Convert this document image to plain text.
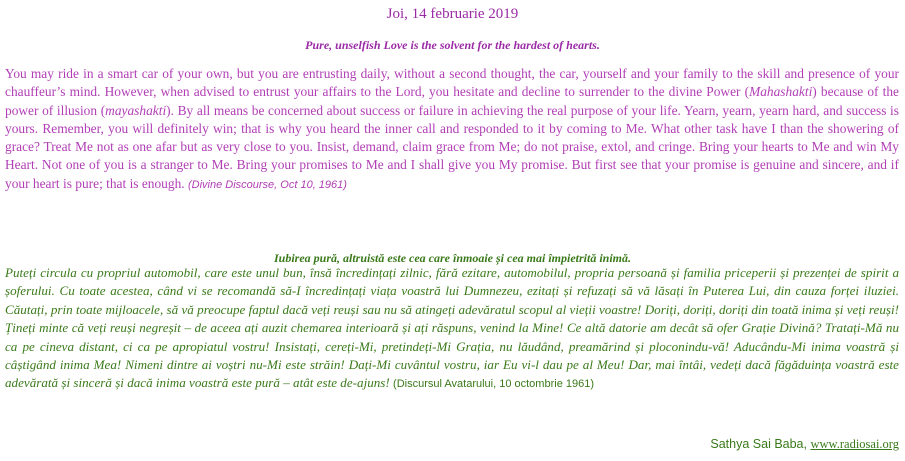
Joi, 14 februarie 2019
Pure, unselfish Love is the solvent for the hardest of hearts.
You may ride in a smart car of your own, but you are entrusting daily, without a second thought, the car, yourself and your family to the skill and presence of your chauffeur’s mind. However, when advised to entrust your affairs to the Lord, you hesitate and decline to surrender to the divine Power (Mahashakti) because of the power of illusion (mayashakti). By all means be concerned about success or failure in achieving the real purpose of your life. Yearn, yearn, yearn hard, and success is yours. Remember, you will definitely win; that is why you heard the inner call and responded to it by coming to Me. What other task have I than the showering of grace? Treat Me not as one afar but as very close to you. Insist, demand, claim grace from Me; do not praise, extol, and cringe. Bring your hearts to Me and win My Heart. Not one of you is a stranger to Me. Bring your promises to Me and I shall give you My promise. But first see that your promise is genuine and sincere, and if your heart is pure; that is enough. (Divine Discourse, Oct 10, 1961)
Iubirea pură, altruistă este cea care înmoaie și cea mai împietrită inimă.
Puteți circula cu propriul automobil, care este unul bun, însă încredințați zilnic, fără ezitare, automobilul, propria persoană și familia priceperii și prezenței de spirit a șoferului. Cu toate acestea, când vi se recomandă să-I încredințați viața voastră lui Dumnezeu, ezitați și refuzați să vă lăsați în Puterea Lui, din cauza forței iluziei. Căutați, prin toate mijloacele, să vă preocupe faptul dacă veți reuși sau nu să atingeți adevăratul scopul al vieții voastre! Doriți, doriți, doriți din toată inima și veți reuși! Țineți minte că veți reuși negreșit – de aceea ați auzit chemarea interioară și ați răspuns, venind la Mine! Ce altă datorie am decât să ofer Grație Divină? Tratați-Mă nu ca pe cineva distant, ci ca pe apropiatul vostru! Insistați, cereți-Mi, pretindeți-Mi Grația, nu lăudând, preamărind și ploconindu-vă! Aducându-Mi inima voastră și câștigând inima Mea! Nimeni dintre ai voștri nu-Mi este străin! Dați-Mi cuvântul vostru, iar Eu vi-l dau pe al Meu! Dar, mai întâi, vedeți dacă făgăduința voastră este adevărată și sinceră și dacă inima voastră este pură – atât este de-ajuns! (Discursul Avatarului, 10 octombrie 1961)
Sathya Sai Baba, www.radiosai.org
